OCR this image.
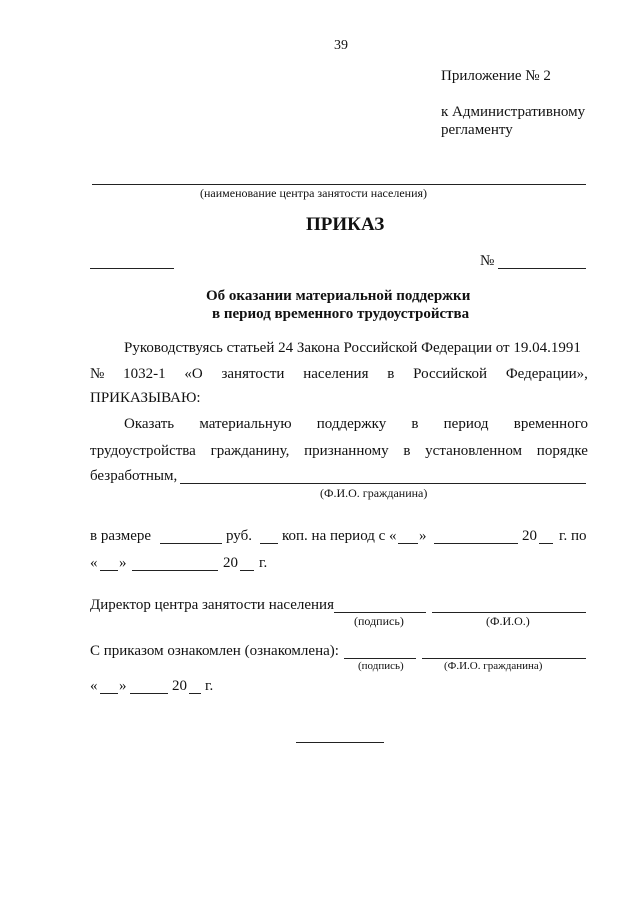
39
Приложение № 2
к Административному
регламенту
(наименование центра занятости населения)
ПРИКАЗ
№
Об оказании материальной поддержки
в период временного трудоустройства
Руководствуясь статьей 24 Закона Российской Федерации от 19.04.1991
№ 1032-1 «О занятости населения в Российской Федерации»,
ПРИКАЗЫВАЮ:
Оказать материальную поддержку в период временного
трудоустройства гражданину, признанному в установленном порядке
безработным,
(Ф.И.О. гражданина)
в размере	руб. коп. на период с « »	20 г. по
« »	20 г.
Директор центра занятости населения
(подпись)	(Ф.И.О.)
С приказом ознакомлен (ознакомлена):
(подпись)	(Ф.И.О. гражданина)
« »	20 г.
